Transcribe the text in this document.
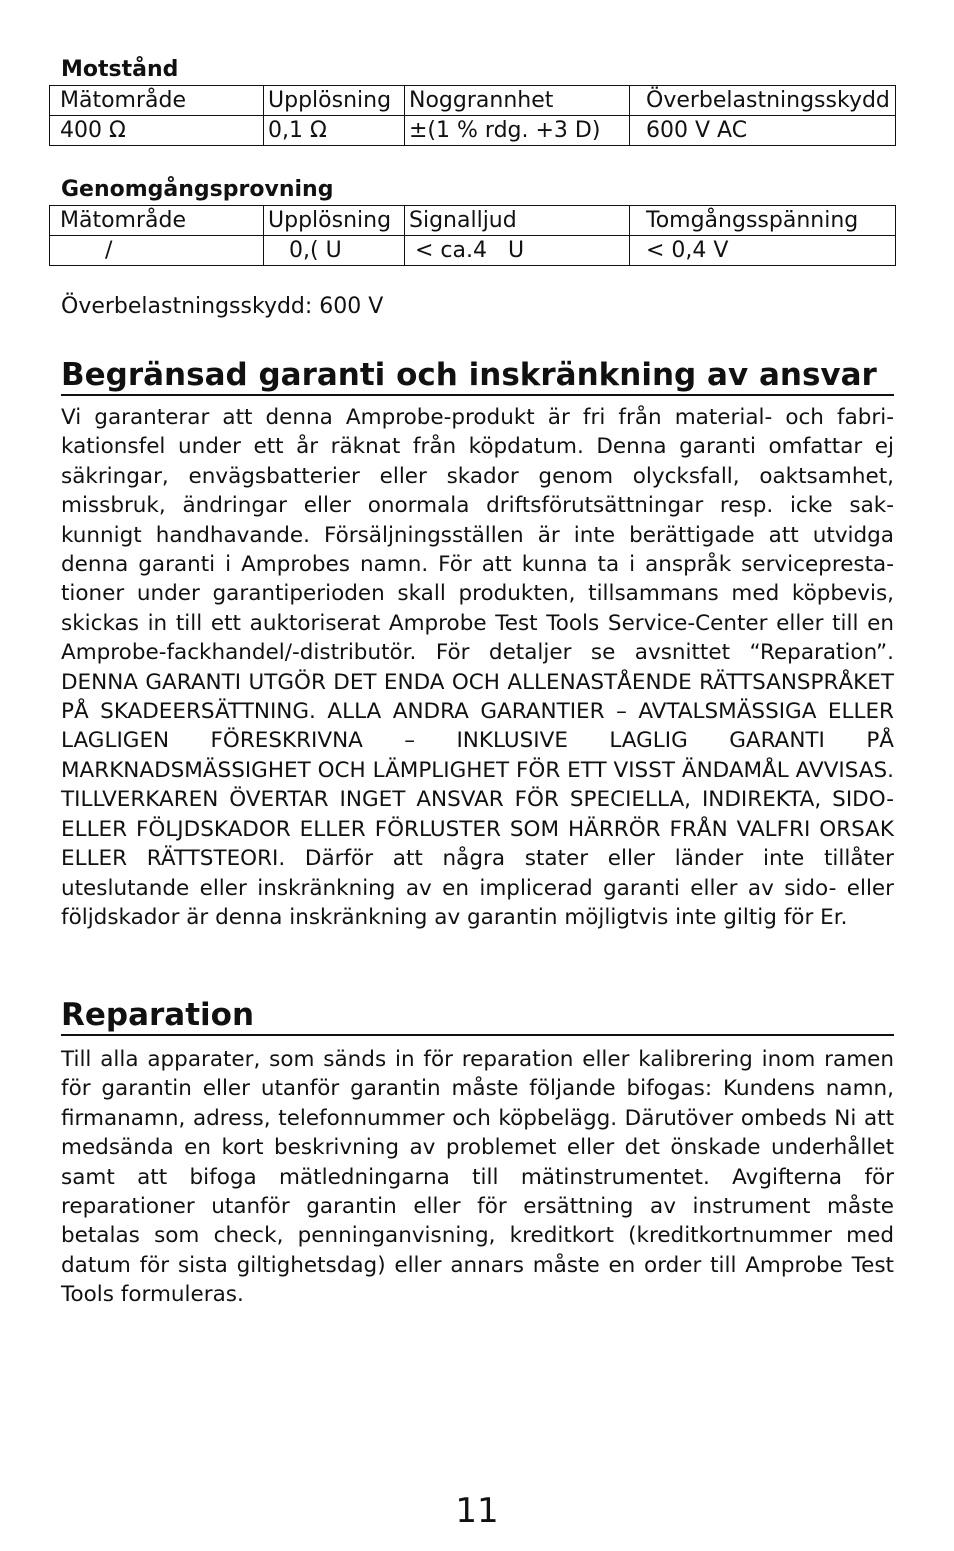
Motstånd
Mätområde	Upplösning	Noggrannhet	Överbelastningsskydd
400 Ω	0,1 Ω	±(1 % rdg. +3 D)	600 V AC
Genomgångsprovning
Mätområde	Upplösning	Signalljud	Tomgångsspänning
/	0,( U	< ca.4   U	< 0,4 V
Överbelastningsskydd: 600 V
Begränsad garanti och inskränkning av ansvar

Vi garanterar att denna Amprobe-produkt är fri från material- och fabrikationsfel under ett år räknat från köpdatum. Denna garanti omfattar ej säkringar, envägsbatterier eller skador genom olycksfall, oaktsamhet, missbruk, ändringar eller onormala driftsförutsättningar resp. icke sakkunnigt handhavande. Försäljningsställen är inte berättigade att utvidga denna garanti i Amprobes namn. För att kunna ta i anspråk serviceprestationer under garantiperioden skall produkten, tillsammans med köpbevis, skickas in till ett auktoriserat Amprobe Test Tools Service-Center eller till en Amprobe-fackhandel/-distributör. För detaljer se avsnittet “Reparation”. DENNA GARANTI UTGÖR DET ENDA OCH ALLENASTÅENDE RÄTTSANSPRÅKET PÅ SKADEERSÄTTNING. ALLA ANDRA GARANTIER – AVTALSMÄSSIGA ELLER LAGLIGEN FÖRESKRIVNA – INKLUSIVE LAGLIG GARANTI PÅ MARKNADSMÄSSIGHET OCH LÄMPLIGHET FÖR ETT VISST ÄNDAMÅL AVVISAS. TILLVERKAREN ÖVERTAR INGET ANSVAR FÖR SPECIELLA, INDIREKTA, SIDO- ELLER FÖLJDSKADOR ELLER FÖRLUSTER SOM HÄRRÖR FRÅN VALFRI ORSAK ELLER RÄTTSTEORI. Därför att några stater eller länder inte tillåter uteslutande eller inskränkning av en implicerad garanti eller av sido- eller följdskador är denna inskränkning av garantin möjligtvis inte giltig för Er.

Reparation

Till alla apparater, som sänds in för reparation eller kalibrering inom ramen för garantin eller utanför garantin måste följande bifogas: Kundens namn, firmanamn, adress, telefonnummer och köpbelägg. Därutöver ombeds Ni att medsända en kort beskrivning av problemet eller det önskade underhållet samt att bifoga mätledningarna till mätinstrumentet. Avgifterna för reparationer utanför garantin eller för ersättning av instrument måste betalas som check, penninganvisning, kreditkort (kreditkortnummer med datum för sista giltighetsdag) eller annars måste en order till Amprobe Test Tools formuleras.

11
